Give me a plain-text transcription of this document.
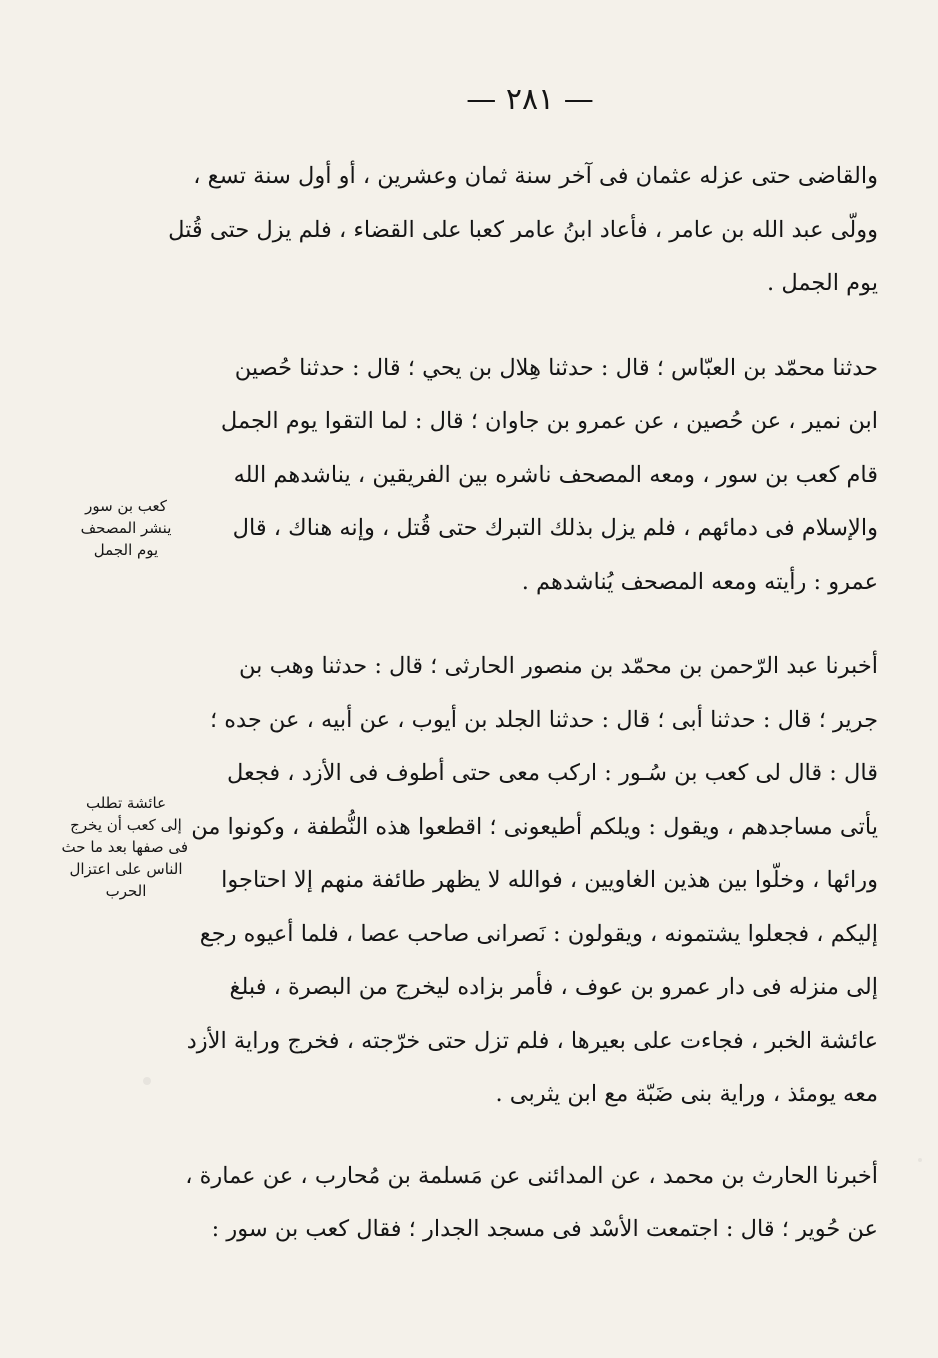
— ٢٨١ —
كعب بن سور
ينشر المصحف
يوم الجمل
عائشة تطلب
إلى كعب أن يخرج
فى صفها بعد ما حث
الناس على اعتزال
الحرب
والقاضى حتى عزله عثمان فى آخر سنة ثمان وعشرين ، أو أول سنة تسع ،
وولّى عبد الله بن عامر ، فأعاد ابنُ عامر كعبا على القضاء ، فلم يزل حتى قُتل
يوم الجمل .
حدثنا محمّد بن العبّاس ؛ قال : حدثنا هِلال بن يحي ؛ قال : حدثنا حُصين
ابن نمير ، عن حُصين ، عن عمرو بن جاوان ؛ قال : لما التقوا يوم الجمل
قام كعب بن سور ، ومعه المصحف ناشره بين الفريقين ، يناشدهم الله
والإسلام فى دمائهم ، فلم يزل بذلك التبرك حتى قُتل ، وإنه هناك ، قال
عمرو : رأيته ومعه المصحف يُناشدهم .
أخبرنا عبد الرّحمن بن محمّد بن منصور الحارثى ؛ قال : حدثنا وهب بن
جرير ؛ قال : حدثنا أبى ؛ قال : حدثنا الجلد بن أيوب ، عن أبيه ، عن جده ؛
قال : قال لى كعب بن سُـور : اركب معى حتى أطوف فى الأزد ، فجعل
يأتى مساجدهم ، ويقول : ويلكم أطيعونى ؛ اقطعوا هذه النُّطفة ، وكونوا من
ورائها ، وخلّوا بين هذين الغاويين ، فوالله لا يظهر طائفة منهم إلا احتاجوا
إليكم ، فجعلوا يشتمونه ، ويقولون : نَصرانى صاحب عصا ، فلما أعيوه رجع
إلى منزله فى دار عمرو بن عوف ، فأمر بزاده ليخرج من البصرة ، فبلغ
عائشة الخبر ، فجاءت على بعيرها ، فلم تزل حتى خرّجته ، فخرج وراية الأزد
معه يومئذ ، وراية بنى ضَبّة مع ابن يثربى .
أخبرنا الحارث بن محمد ، عن المدائنى عن مَسلمة بن مُحارب ، عن عمارة ،
عن حُوير ؛ قال : اجتمعت الأسْد فى مسجد الجدار ؛ فقال كعب بن سور :
